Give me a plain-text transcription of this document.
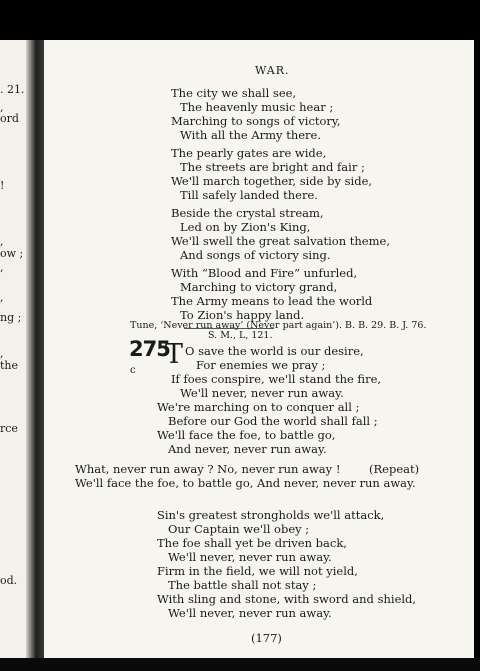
. 21.
,
ord
!
,
ow ;
,
,
ng ;
,
the
rce
od.
WAR.
The city we shall see,
The heavenly music hear ;
Marching to songs of victory,
With all the Army there.
The pearly gates are wide,
The streets are bright and fair ;
We'll march together, side by side,
Till safely landed there.
Beside the crystal stream,
Led on by Zion's King,
We'll swell the great salvation theme,
And songs of victory sing.
With “Blood and Fire” unfurled,
Marching to victory grand,
The Army means to lead the world
To Zion's happy land.
Tune, ‘Never run away’ (Never part again’). B. B. 29. B. J. 76.
S. M., L, 121.
275
T
c
O save the world is our desire,
For enemies we pray ;
If foes conspire, we'll stand the fire,
We'll never, never run away.
We're marching on to conquer all ;
Before our God the world shall fall ;
We'll face the foe, to battle go,
And never, never run away.
What, never run away ? No, never run away ! (Repeat)
We'll face the foe, to battle go, And never, never run away.
Sin's greatest strongholds we'll attack,
Our Captain we'll obey ;
The foe shall yet be driven back,
We'll never, never run away.
Firm in the field, we will not yield,
The battle shall not stay ;
With sling and stone, with sword and shield,
We'll never, never run away.
(177)
